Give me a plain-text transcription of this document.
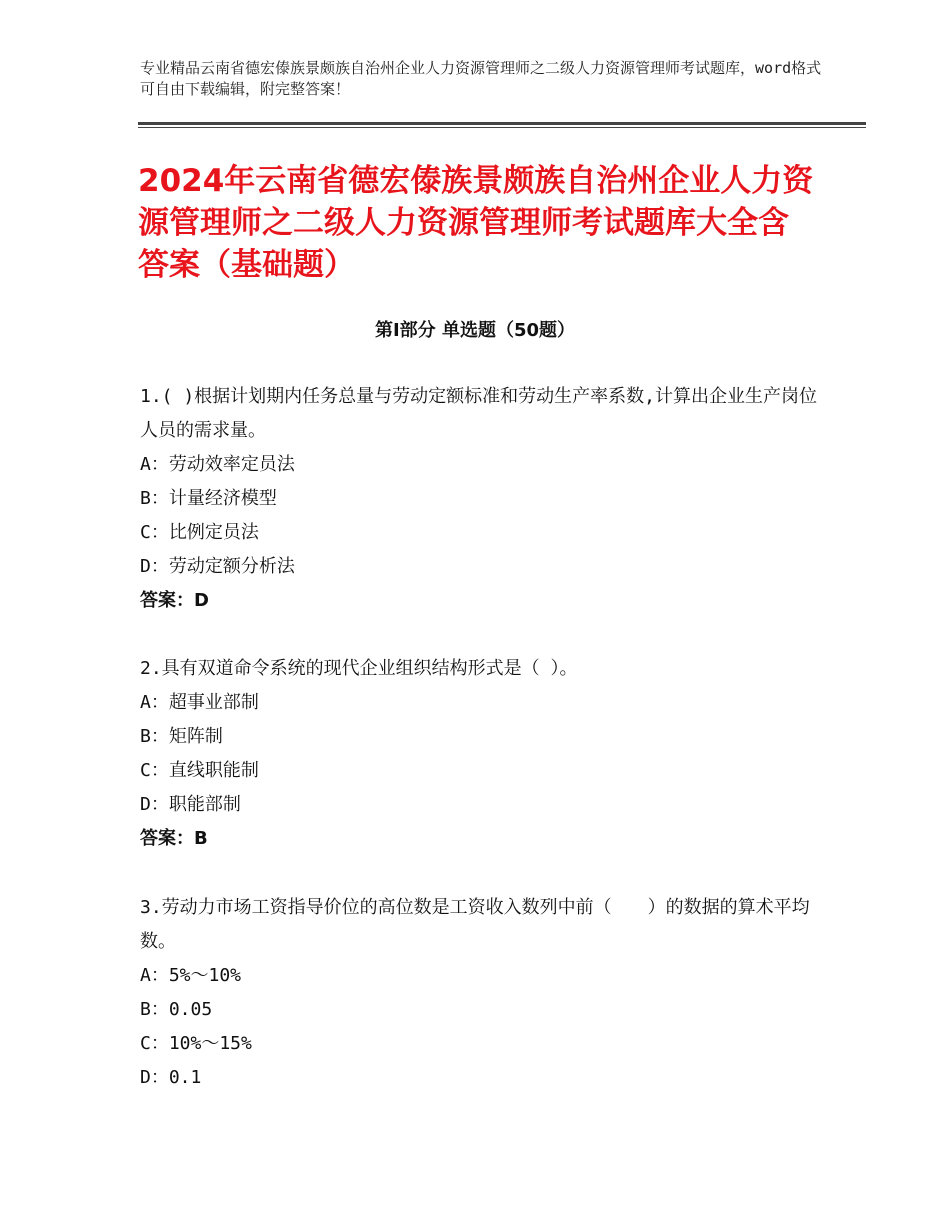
专业精品云南省德宏傣族景颇族自治州企业人力资源管理师之二级人力资源管理师考试题库，word格式可自由下载编辑，附完整答案！
2024年云南省德宏傣族景颇族自治州企业人力资源管理师之二级人力资源管理师考试题库大全含答案（基础题）
第Ⅰ部分 单选题（50题）

1.( )根据计划期内任务总量与劳动定额标准和劳动生产率系数,计算出企业生产岗位人员的需求量。

A：劳动效率定员法

B：计量经济模型

C：比例定员法

D：劳动定额分析法

答案：D

2.具有双道命令系统的现代企业组织结构形式是（ ）。

A：超事业部制

B：矩阵制

C：直线职能制

D：职能部制

答案：B

3.劳动力市场工资指导价位的高位数是工资收入数列中前（　　）的数据的算术平均数。

A：5%～10%

B：0.05

C：10%～15%

D：0.1
